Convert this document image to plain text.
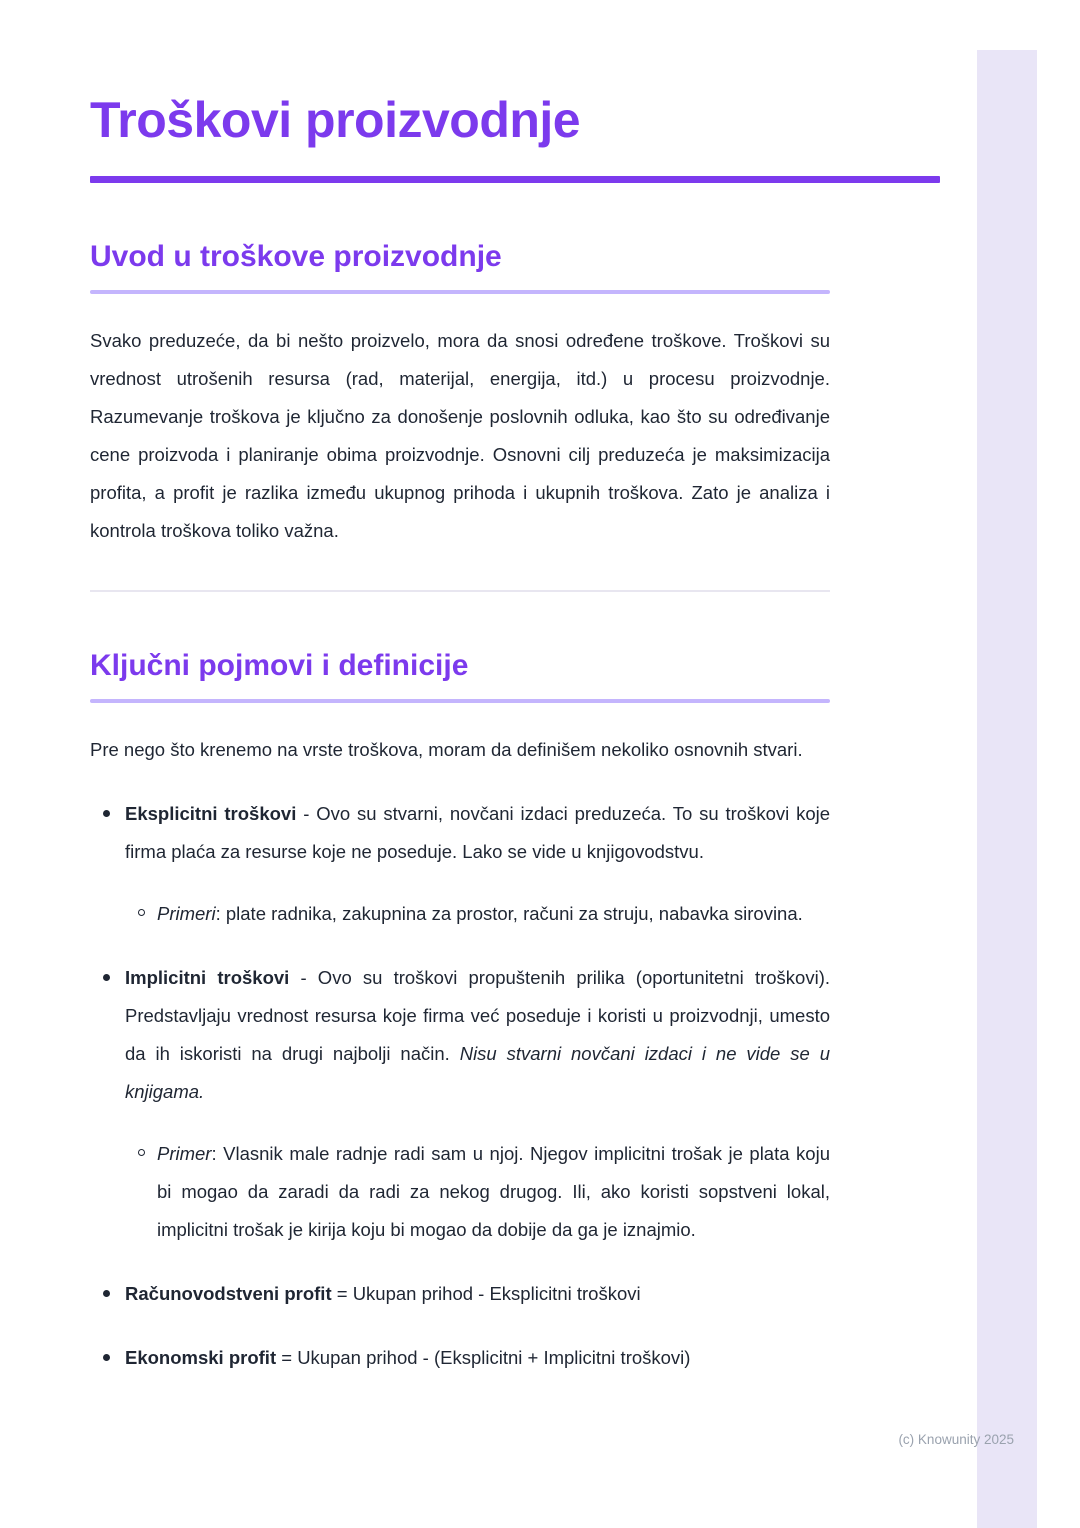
Troškovi proizvodnje
Uvod u troškove proizvodnje

Svako preduzeće, da bi nešto proizvelo, mora da snosi određene troškove. Troškovi su vrednost utrošenih resursa (rad, materijal, energija, itd.) u procesu proizvodnje. Razumevanje troškova je ključno za donošenje poslovnih odluka, kao što su određivanje cene proizvoda i planiranje obima proizvodnje. Osnovni cilj preduzeća je maksimizacija profita, a profit je razlika između ukupnog prihoda i ukupnih troškova. Zato je analiza i kontrola troškova toliko važna.

Ključni pojmovi i definicije

Pre nego što krenemo na vrste troškova, moram da definišem nekoliko osnovnih stvari.

Eksplicitni troškovi - Ovo su stvarni, novčani izdaci preduzeća. To su troškovi koje firma plaća za resurse koje ne poseduje. Lako se vide u knjigovodstvu.
Primeri: plate radnika, zakupnina za prostor, računi za struju, nabavka sirovina.
Implicitni troškovi - Ovo su troškovi propuštenih prilika (oportunitetni troškovi). Predstavljaju vrednost resursa koje firma već poseduje i koristi u proizvodnji, umesto da ih iskoristi na drugi najbolji način. Nisu stvarni novčani izdaci i ne vide se u knjigama.
Primer: Vlasnik male radnje radi sam u njoj. Njegov implicitni trošak je plata koju bi mogao da zaradi da radi za nekog drugog. Ili, ako koristi sopstveni lokal, implicitni trošak je kirija koju bi mogao da dobije da ga je iznajmio.
Računovodstveni profit = Ukupan prihod - Eksplicitni troškovi
Ekonomski profit = Ukupan prihod - (Eksplicitni + Implicitni troškovi)
(c) Knowunity 2025
